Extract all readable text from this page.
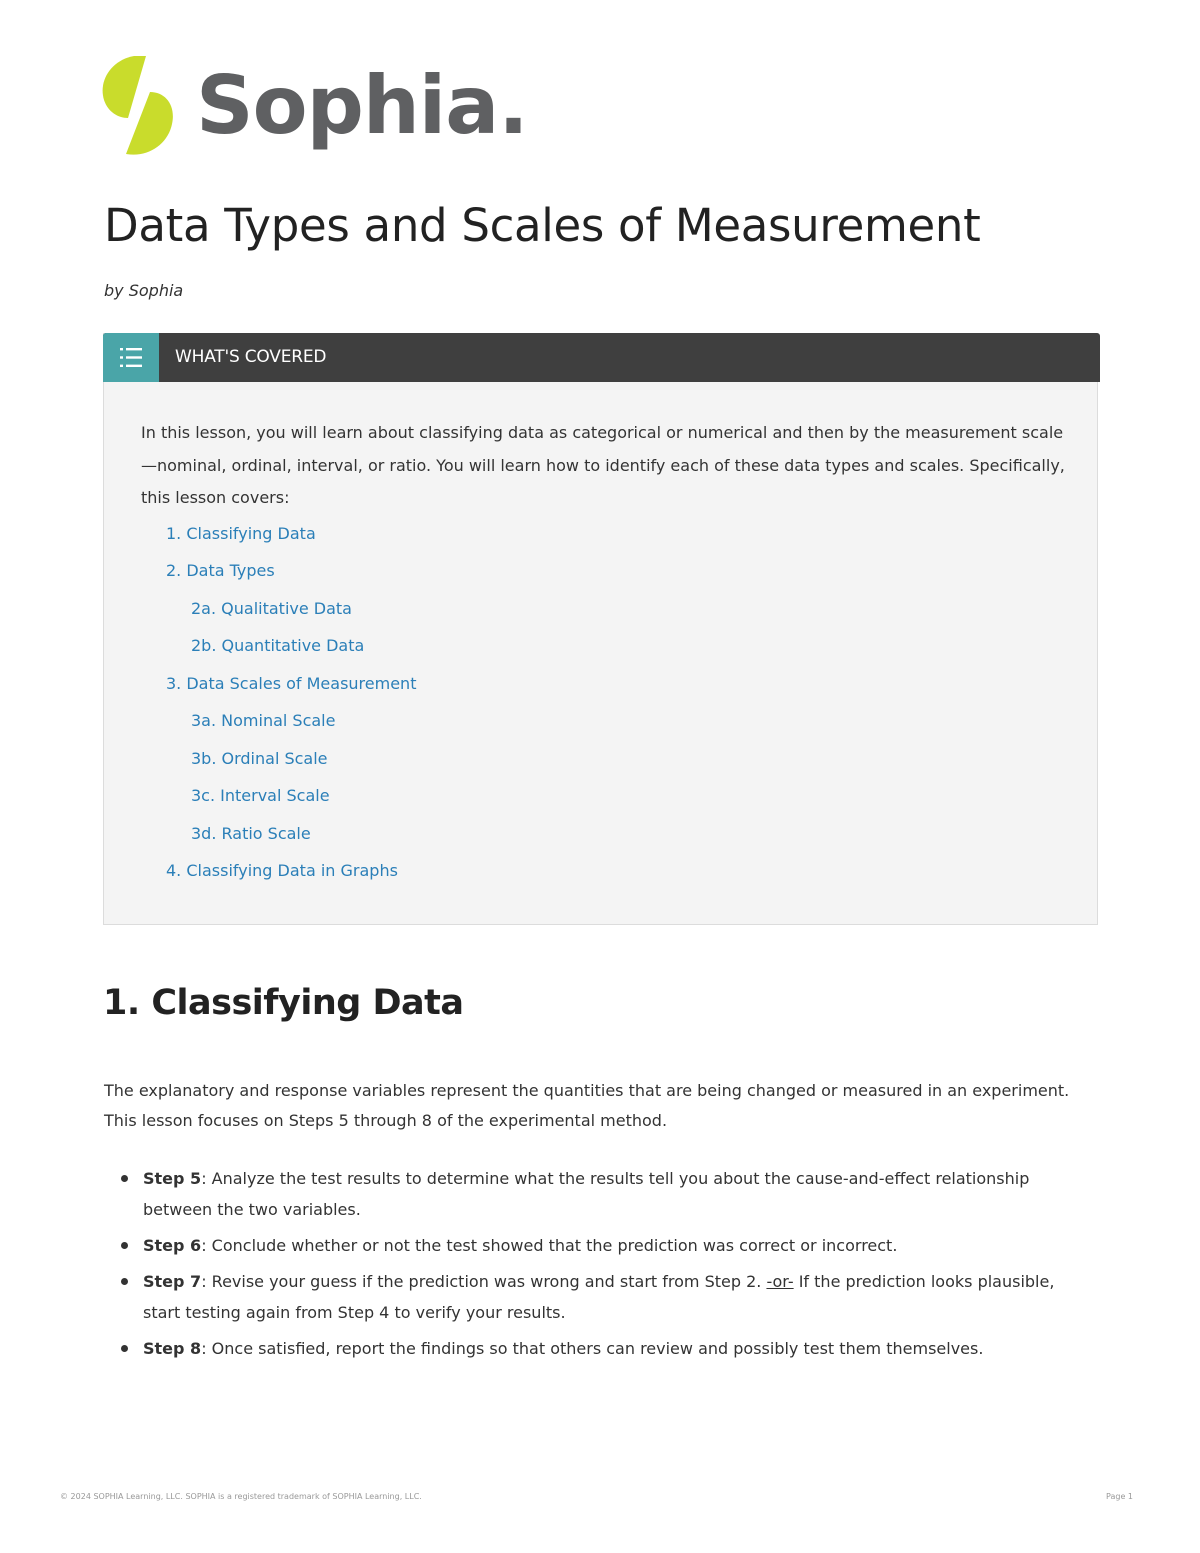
Sophia.
Data Types and Scales of Measurement
by Sophia
WHAT'S COVERED
In this lesson, you will learn about classifying data as categorical or numerical and then by the measurement scale—nominal, ordinal, interval, or ratio. You will learn how to identify each of these data types and scales. Specifically, this lesson covers:
1. Classifying Data
2. Data Types
2a. Qualitative Data
2b. Quantitative Data
3. Data Scales of Measurement
3a. Nominal Scale
3b. Ordinal Scale
3c. Interval Scale
3d. Ratio Scale
4. Classifying Data in Graphs
1. Classifying Data

The explanatory and response variables represent the quantities that are being changed or measured in an experiment. This lesson focuses on Steps 5 through 8 of the experimental method.

Step 5: Analyze the test results to determine what the results tell you about the cause-and-effect relationship between the two variables.
Step 6: Conclude whether or not the test showed that the prediction was correct or incorrect.
Step 7: Revise your guess if the prediction was wrong and start from Step 2. -or- If the prediction looks plausible, start testing again from Step 4 to verify your results.
Step 8: Once satisfied, report the findings so that others can review and possibly test them themselves.
© 2024 SOPHIA Learning, LLC. SOPHIA is a registered trademark of SOPHIA Learning, LLC.	Page 1
